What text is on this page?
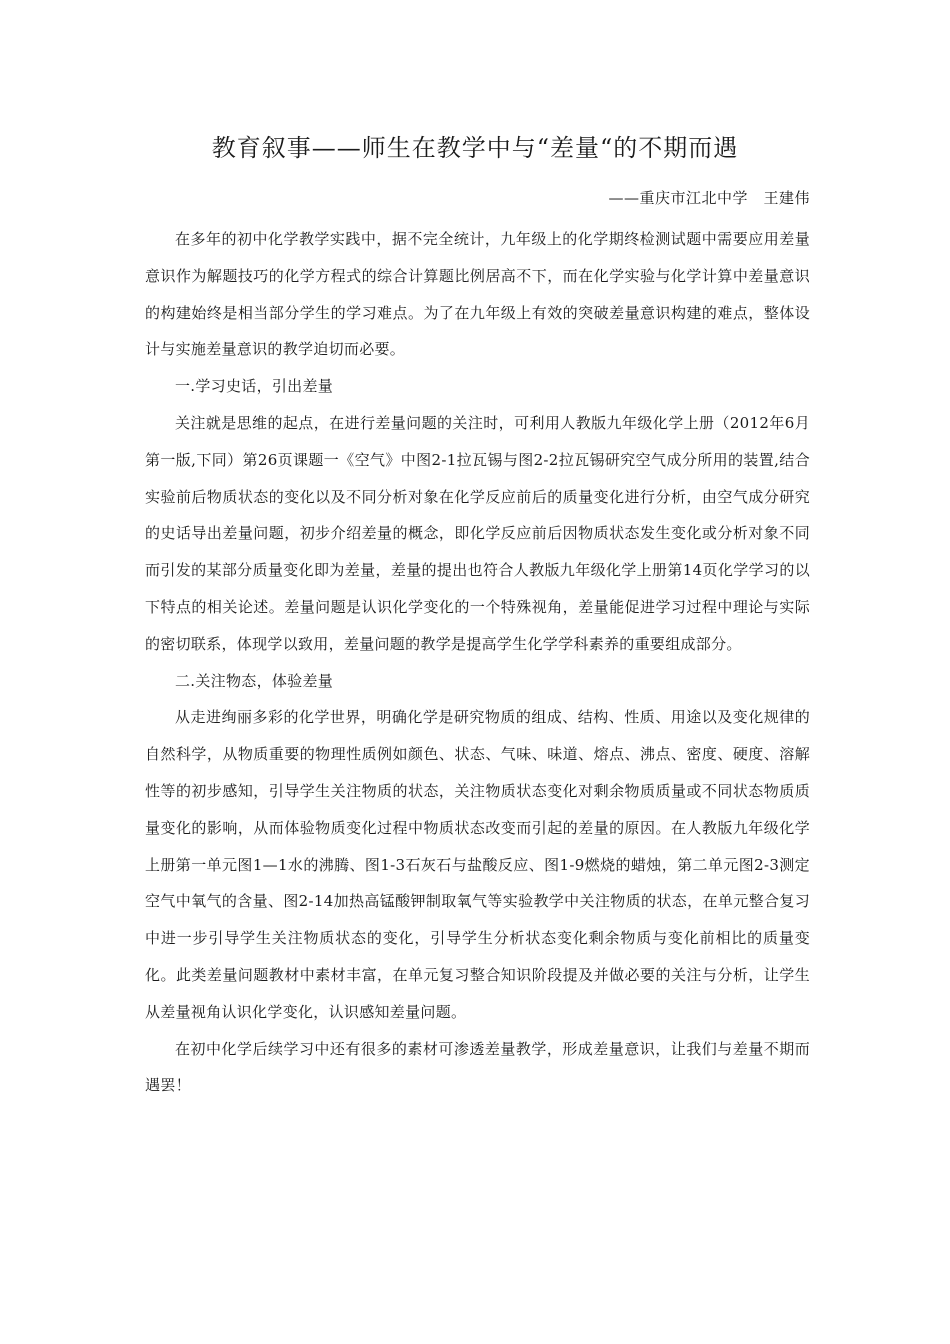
教育叙事——师生在教学中与“差量“的不期而遇
——重庆市江北中学　王建伟

在多年的初中化学教学实践中，据不完全统计，九年级上的化学期终检测试题中需要应用差量意识作为解题技巧的化学方程式的综合计算题比例居高不下，而在化学实验与化学计算中差量意识的构建始终是相当部分学生的学习难点。为了在九年级上有效的突破差量意识构建的难点，整体设计与实施差量意识的教学迫切而必要。

一.学习史话，引出差量

关注就是思维的起点，在进行差量问题的关注时，可利用人教版九年级化学上册（2012年6月第一版,下同）第26页课题一《空气》中图2-1拉瓦锡与图2-2拉瓦锡研究空气成分所用的装置,结合实验前后物质状态的变化以及不同分析对象在化学反应前后的质量变化进行分析，由空气成分研究的史话导出差量问题，初步介绍差量的概念，即化学反应前后因物质状态发生变化或分析对象不同而引发的某部分质量变化即为差量，差量的提出也符合人教版九年级化学上册第14页化学学习的以下特点的相关论述。差量问题是认识化学变化的一个特殊视角，差量能促进学习过程中理论与实际的密切联系，体现学以致用，差量问题的教学是提高学生化学学科素养的重要组成部分。

二.关注物态，体验差量

从走进绚丽多彩的化学世界，明确化学是研究物质的组成、结构、性质、用途以及变化规律的自然科学，从物质重要的物理性质例如颜色、状态、气味、味道、熔点、沸点、密度、硬度、溶解性等的初步感知，引导学生关注物质的状态，关注物质状态变化对剩余物质质量或不同状态物质质量变化的影响，从而体验物质变化过程中物质状态改变而引起的差量的原因。在人教版九年级化学上册第一单元图1—1水的沸腾、图1-3石灰石与盐酸反应、图1-9燃烧的蜡烛，第二单元图2-3测定空气中氧气的含量、图2-14加热高锰酸钾制取氧气等实验教学中关注物质的状态，在单元整合复习中进一步引导学生关注物质状态的变化，引导学生分析状态变化剩余物质与变化前相比的质量变化。此类差量问题教材中素材丰富，在单元复习整合知识阶段提及并做必要的关注与分析，让学生从差量视角认识化学变化，认识感知差量问题。

在初中化学后续学习中还有很多的素材可渗透差量教学，形成差量意识，让我们与差量不期而遇罢！
